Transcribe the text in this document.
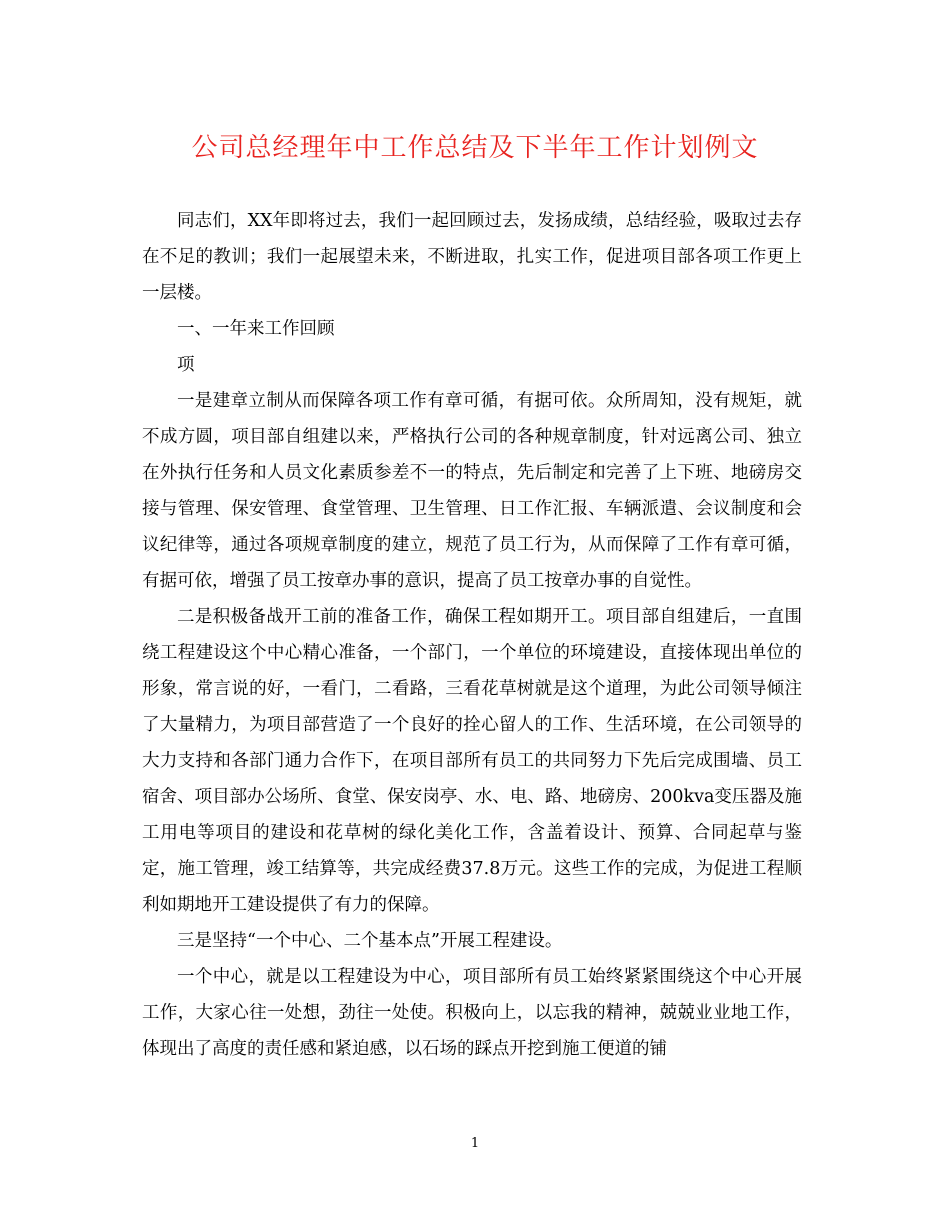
公司总经理年中工作总结及下半年工作计划例文

同志们，XX年即将过去，我们一起回顾过去，发扬成绩，总结经验，吸取过去存在不足的教训；我们一起展望未来，不断进取，扎实工作，促进项目部各项工作更上一层楼。

一、一年来工作回顾

项

一是建章立制从而保障各项工作有章可循，有据可依。众所周知，没有规矩，就不成方圆，项目部自组建以来，严格执行公司的各种规章制度，针对远离公司、独立在外执行任务和人员文化素质参差不一的特点，先后制定和完善了上下班、地磅房交接与管理、保安管理、食堂管理、卫生管理、日工作汇报、车辆派遣、会议制度和会议纪律等，通过各项规章制度的建立，规范了员工行为，从而保障了工作有章可循，有据可依，增强了员工按章办事的意识，提高了员工按章办事的自觉性。

二是积极备战开工前的准备工作，确保工程如期开工。项目部自组建后，一直围绕工程建设这个中心精心准备，一个部门，一个单位的环境建设，直接体现出单位的形象，常言说的好，一看门，二看路，三看花草树就是这个道理，为此公司领导倾注了大量精力，为项目部营造了一个良好的拴心留人的工作、生活环境，在公司领导的大力支持和各部门通力合作下，在项目部所有员工的共同努力下先后完成围墙、员工宿舍、项目部办公场所、食堂、保安岗亭、水、电、路、地磅房、200kva变压器及施工用电等项目的建设和花草树的绿化美化工作，含盖着设计、预算、合同起草与鉴定，施工管理，竣工结算等，共完成经费37.8万元。这些工作的完成，为促进工程顺利如期地开工建设提供了有力的保障。

三是坚持“一个中心、二个基本点”开展工程建设。

一个中心，就是以工程建设为中心，项目部所有员工始终紧紧围绕这个中心开展工作，大家心往一处想，劲往一处使。积极向上，以忘我的精神，兢兢业业地工作，体现出了高度的责任感和紧迫感，以石场的踩点开挖到施工便道的铺

1
